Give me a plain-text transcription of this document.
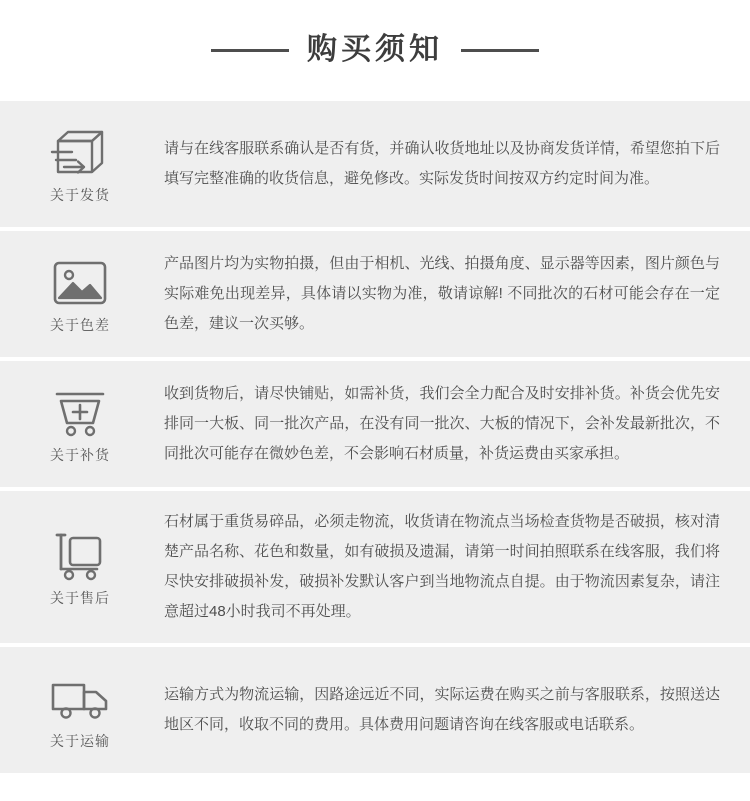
购买须知
关于发货

请与在线客服联系确认是否有货，并确认收货地址以及协商发货详情，希望您拍下后填写完整准确的收货信息，避免修改。实际发货时间按双方约定时间为准。

关于色差

产品图片均为实物拍摄，但由于相机、光线、拍摄角度、显示器等因素，图片颜色与实际难免出现差异，具体请以实物为准，敬请谅解! 不同批次的石材可能会存在一定色差，建议一次买够。

关于补货

收到货物后，请尽快铺贴，如需补货，我们会全力配合及时安排补货。补货会优先安排同一大板、同一批次产品，在没有同一批次、大板的情况下，会补发最新批次，不同批次可能存在微妙色差，不会影响石材质量，补货运费由买家承担。

关于售后

石材属于重货易碎品，必须走物流，收货请在物流点当场检查货物是否破损，核对清楚产品名称、花色和数量，如有破损及遗漏，请第一时间拍照联系在线客服，我们将尽快安排破损补发，破损补发默认客户到当地物流点自提。由于物流因素复杂，请注意超过48小时我司不再处理。

关于运输

运输方式为物流运输，因路途远近不同，实际运费在购买之前与客服联系，按照送达地区不同，收取不同的费用。具体费用问题请咨询在线客服或电话联系。
